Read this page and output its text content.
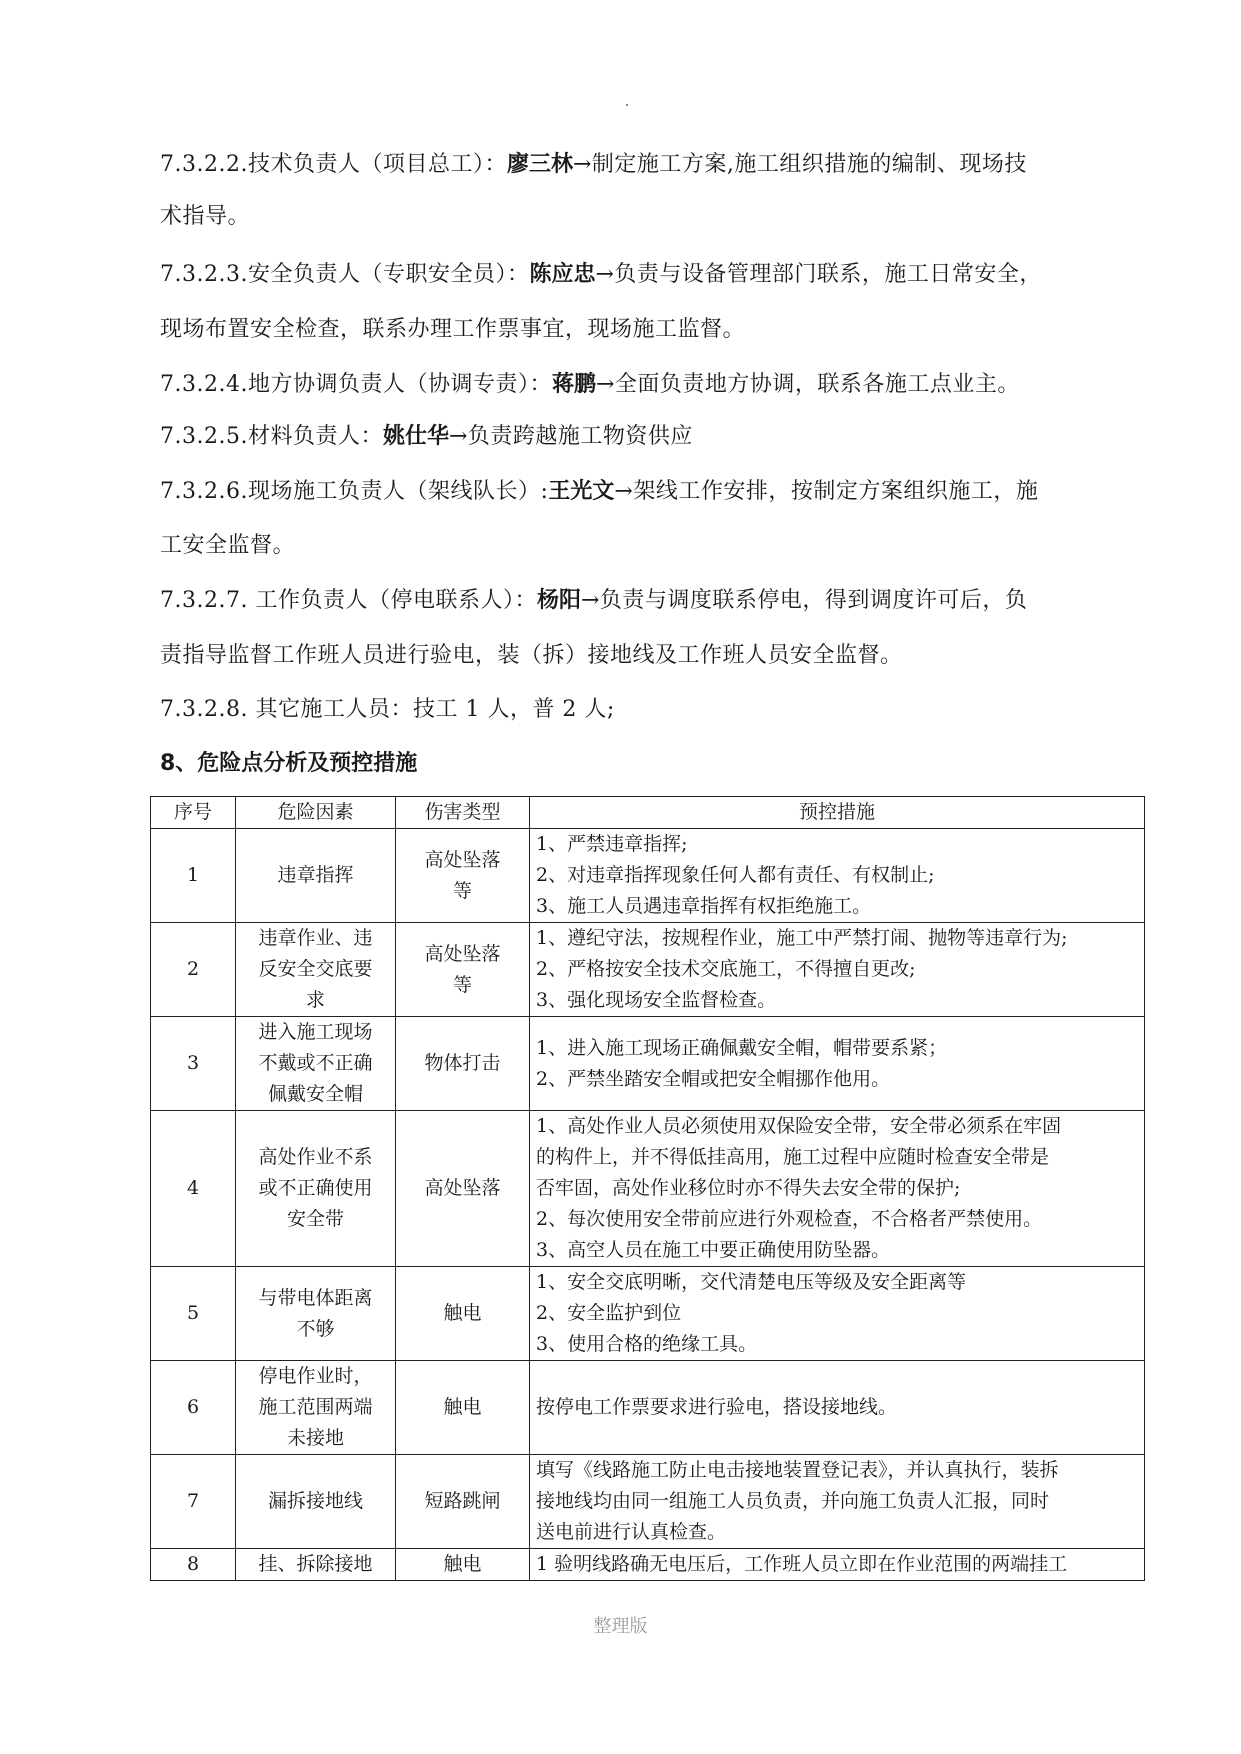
7.3.2.2.技术负责人（项目总工）：廖三林→制定施工方案,施工组织措施的编制、现场技
术指导。
7.3.2.3.安全负责人（专职安全员）：陈应忠→负责与设备管理部门联系，施工日常安全，
现场布置安全检查，联系办理工作票事宜，现场施工监督。
7.3.2.4.地方协调负责人（协调专责）：蒋鹏→全面负责地方协调，联系各施工点业主。
7.3.2.5.材料负责人：姚仕华→负责跨越施工物资供应
7.3.2.6.现场施工负责人（架线队长）:王光文→架线工作安排，按制定方案组织施工，施
工安全监督。
7.3.2.7. 工作负责人（停电联系人）：杨阳→负责与调度联系停电，得到调度许可后，负
责指导监督工作班人员进行验电，装（拆）接地线及工作班人员安全监督。
7.3.2.8. 其它施工人员：技工 1 人，普 2 人;
8、危险点分析及预控措施
序号	危险因素	伤害类型	预控措施
1	违章指挥	高处坠落
等	1、严禁违章指挥;
2、对违章指挥现象任何人都有责任、有权制止;
3、施工人员遇违章指挥有权拒绝施工。

2	违章作业、违
反安全交底要
求	高处坠落
等	1、遵纪守法，按规程作业，施工中严禁打闹、抛物等违章行为;
2、严格按安全技术交底施工，不得擅自更改;
3、强化现场安全监督检查。

3	进入施工现场
不戴或不正确
佩戴安全帽	物体打击	1、进入施工现场正确佩戴安全帽，帽带要系紧；
2、严禁坐踏安全帽或把安全帽挪作他用。

4	高处作业不系
或不正确使用
安全带	高处坠落	1、高处作业人员必须使用双保险安全带，安全带必须系在牢固
的构件上，并不得低挂高用，施工过程中应随时检查安全带是
否牢固，高处作业移位时亦不得失去安全带的保护;
2、每次使用安全带前应进行外观检查，不合格者严禁使用。
3、高空人员在施工中要正确使用防坠器。

5	与带电体距离
不够	触电	1、安全交底明晰，交代清楚电压等级及安全距离等
2、安全监护到位
3、使用合格的绝缘工具。

6	停电作业时，
施工范围两端
未接地	触电	按停电工作票要求进行验电，搭设接地线。

7	漏拆接地线	短路跳闸	填写《线路施工防止电击接地装置登记表》，并认真执行，装拆
接地线均由同一组施工人员负责，并向施工负责人汇报，同时
送电前进行认真检查。

8	挂、拆除接地	触电	1 验明线路确无电压后，工作班人员立即在作业范围的两端挂工
整理版
